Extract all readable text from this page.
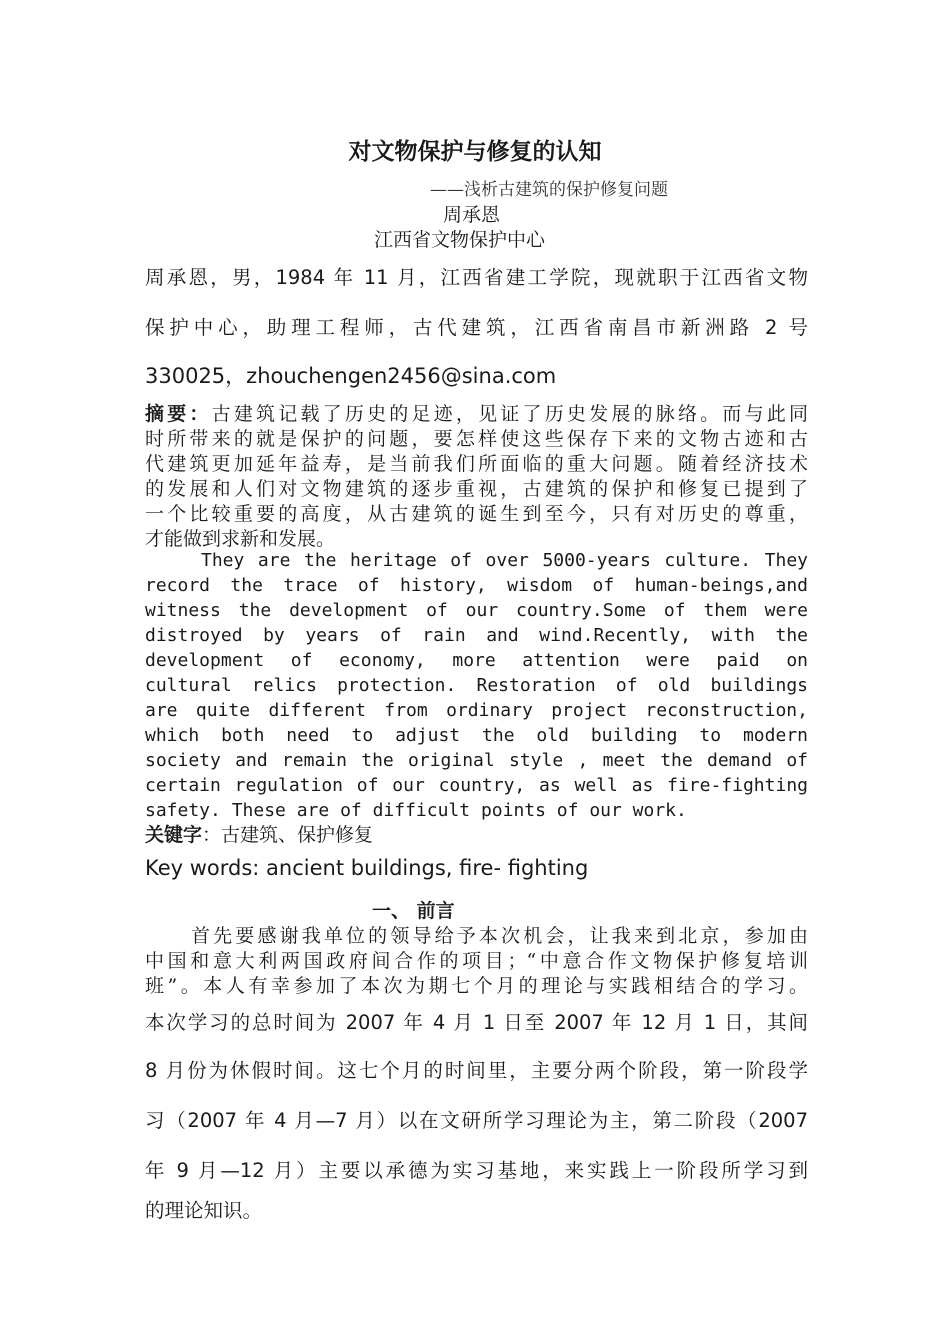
对文物保护与修复的认知
——浅析古建筑的保护修复问题
周承恩
江西省文物保护中心
周承恩，男，1984 年 11 月，江西省建工学院，现就职于江西省文物
保护中心，助理工程师，古代建筑，江西省南昌市新洲路 2 号
330025，zhouchengen2456@sina.com
摘要：古建筑记载了历史的足迹，见证了历史发展的脉络。而与此同
时所带来的就是保护的问题，要怎样使这些保存下来的文物古迹和古
代建筑更加延年益寿，是当前我们所面临的重大问题。随着经济技术
的发展和人们对文物建筑的逐步重视，古建筑的保护和修复已提到了
一个比较重要的高度，从古建筑的诞生到至今，只有对历史的尊重，
才能做到求新和发展。
They are the heritage of over 5000-years culture. They
record the trace of history, wisdom of human-beings,and
witness the development of our country.Some of them were
distroyed by years of rain and wind.Recently, with the
development of economy, more attention were paid on
cultural relics protection. Restoration of old buildings
are quite different from ordinary project reconstruction,
which both need to adjust the old building to modern
society and remain the original style , meet the demand of
certain regulation of our country, as well as fire-fighting
safety. These are of difficult points of our work.
关键字：古建筑、保护修复
Key words: ancient buildings, fire- fighting
一、 前言
首先要感谢我单位的领导给予本次机会，让我来到北京，参加由
中国和意大利两国政府间合作的项目；“中意合作文物保护修复培训
班”。本人有幸参加了本次为期七个月的理论与实践相结合的学习。
本次学习的总时间为 2007 年 4 月 1 日至 2007 年 12 月 1 日，其间
8 月份为休假时间。这七个月的时间里，主要分两个阶段，第一阶段学
习（2007 年 4 月—7 月）以在文研所学习理论为主，第二阶段（2007
年 9 月—12 月）主要以承德为实习基地，来实践上一阶段所学习到
的理论知识。
